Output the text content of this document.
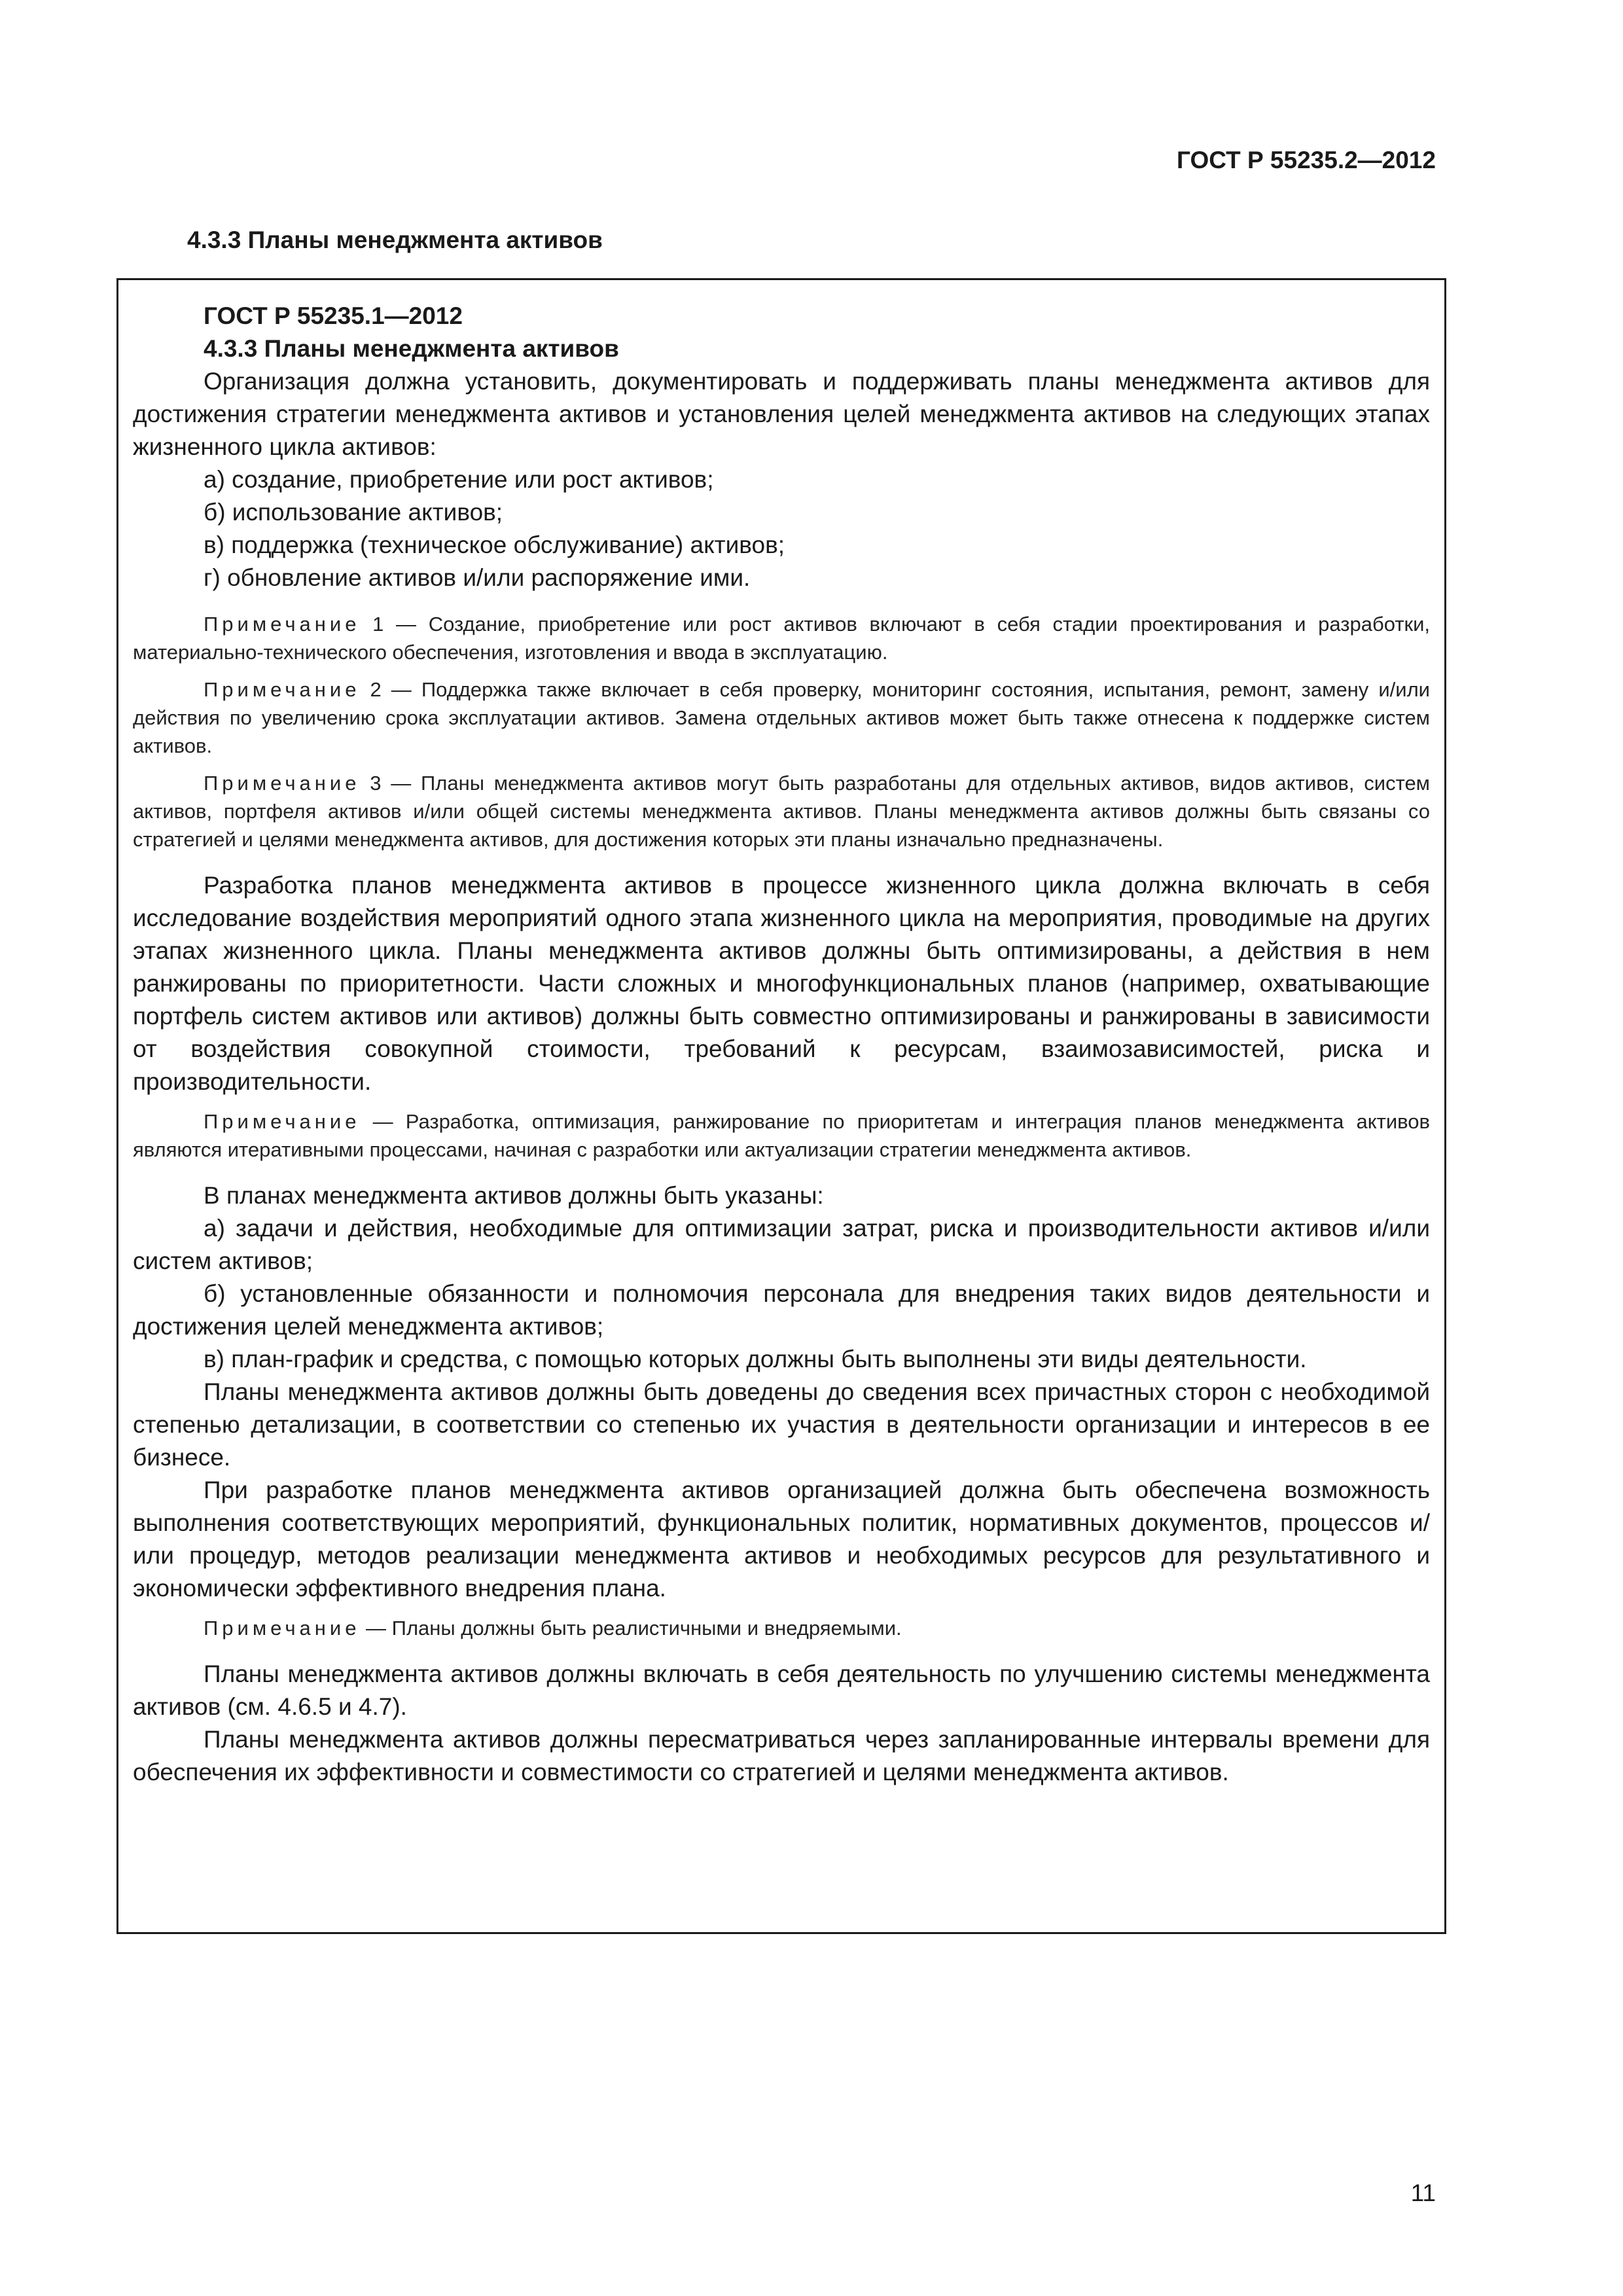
ГОСТ Р 55235.2—2012

4.3.3 Планы менеджмента активов

ГОСТ Р 55235.1—2012

4.3.3 Планы менеджмента активов

Организация должна установить, документировать и поддерживать планы менеджмента активов для достижения стратегии менеджмента активов и установления целей менеджмента активов на следующих этапах жизненного цикла активов:

а) создание, приобретение или рост активов;

б) использование активов;

в) поддержка (техническое обслуживание) активов;

г) обновление активов и/или распоряжение ими.

Примечание 1 — Создание, приобретение или рост активов включают в себя стадии проектирования и разработки, материально-технического обеспечения, изготовления и ввода в эксплуатацию.

Примечание 2 — Поддержка также включает в себя проверку, мониторинг состояния, испытания, ремонт, замену и/или действия по увеличению срока эксплуатации активов. Замена отдельных активов может быть также отнесена к поддержке систем активов.

Примечание 3 — Планы менеджмента активов могут быть разработаны для отдельных активов, видов активов, систем активов, портфеля активов и/или общей системы менеджмента активов. Планы менеджмента активов должны быть связаны со стратегией и целями менеджмента активов, для достижения которых эти планы изначально предназначены.

Разработка планов менеджмента активов в процессе жизненного цикла должна включать в себя исследование воздействия мероприятий одного этапа жизненного цикла на мероприятия, проводимые на других этапах жизненного цикла. Планы менеджмента активов должны быть оптимизированы, а действия в нем ранжированы по приоритетности. Части сложных и многофункциональных планов (например, охватывающие портфель систем активов или активов) должны быть совместно оптимизированы и ранжированы в зависимости от воздействия совокупной стоимости, требований к ресурсам, взаимозависимостей, риска и производительности.

Примечание — Разработка, оптимизация, ранжирование по приоритетам и интеграция планов менеджмента активов являются итеративными процессами, начиная с разработки или актуализации стратегии менеджмента активов.

В планах менеджмента активов должны быть указаны:

а) задачи и действия, необходимые для оптимизации затрат, риска и производительности активов и/или систем активов;

б) установленные обязанности и полномочия персонала для внедрения таких видов деятельности и достижения целей менеджмента активов;

в) план-график и средства, с помощью которых должны быть выполнены эти виды деятельности.

Планы менеджмента активов должны быть доведены до сведения всех причастных сторон с необходимой степенью детализации, в соответствии со степенью их участия в деятельности организации и интересов в ее бизнесе.

При разработке планов менеджмента активов организацией должна быть обеспечена возможность выполнения соответствующих мероприятий, функциональных политик, нормативных документов, процессов и/или процедур, методов реализации менеджмента активов и необходимых ресурсов для результативного и экономически эффективного внедрения плана.

Примечание — Планы должны быть реалистичными и внедряемыми.

Планы менеджмента активов должны включать в себя деятельность по улучшению системы менеджмента активов (см. 4.6.5 и 4.7).

Планы менеджмента активов должны пересматриваться через запланированные интервалы времени для обеспечения их эффективности и совместимости со стратегией и целями менеджмента активов.

11
